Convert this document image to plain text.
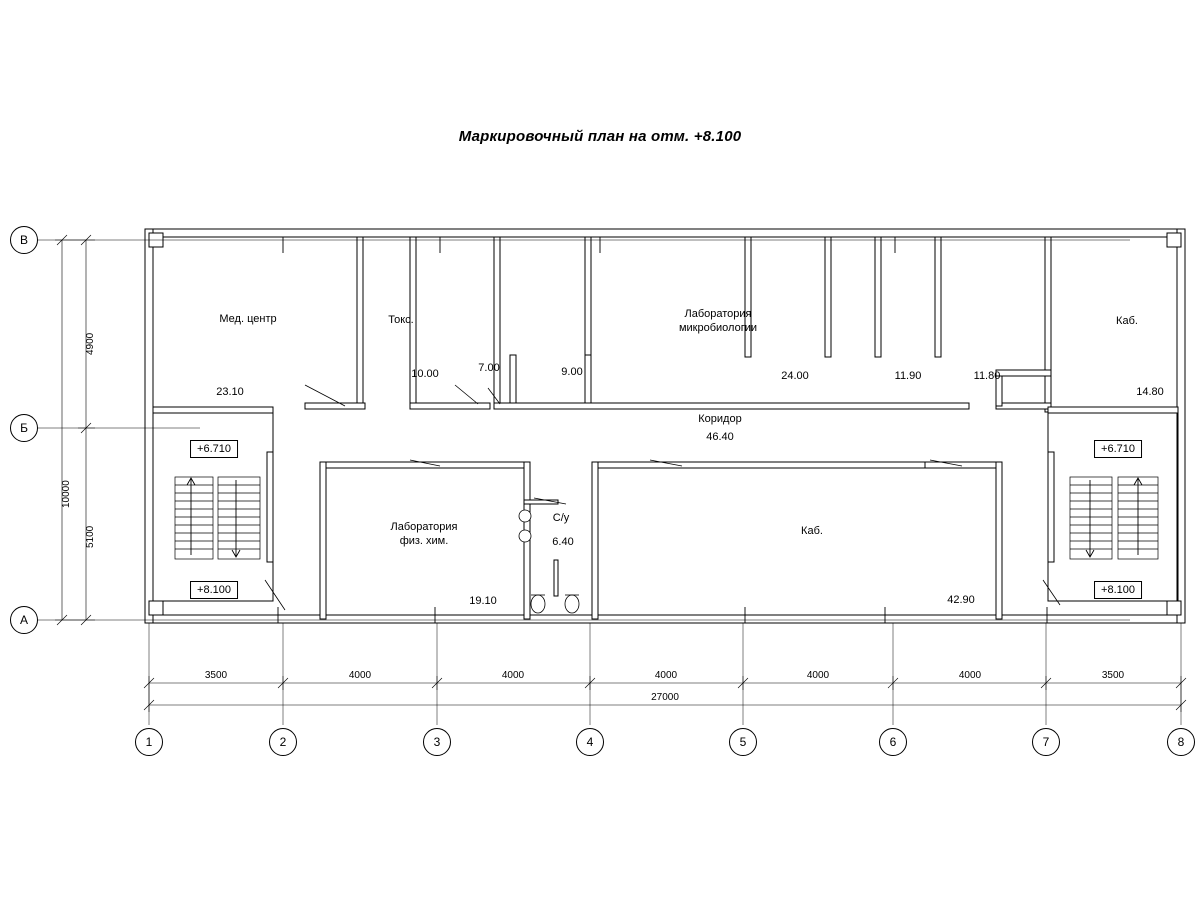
Маркировочный план на отм. +8.100
Мед. центр
23.10
Токс.
10.00	7.00	9.00
Лаборатория
микробиологии
24.00	11.90	11.80
Каб.
14.80
Коридор
46.40
Лаборатория
физ. хим.
19.10
С/у
6.40
Каб.
42.90
+6.710
+8.100
+6.710
+8.100
3500	4000	4000	4000	4000	4000	3500
27000
4900
5100
10000
1	2	3	4	5	6	7	8
В
Б
А
